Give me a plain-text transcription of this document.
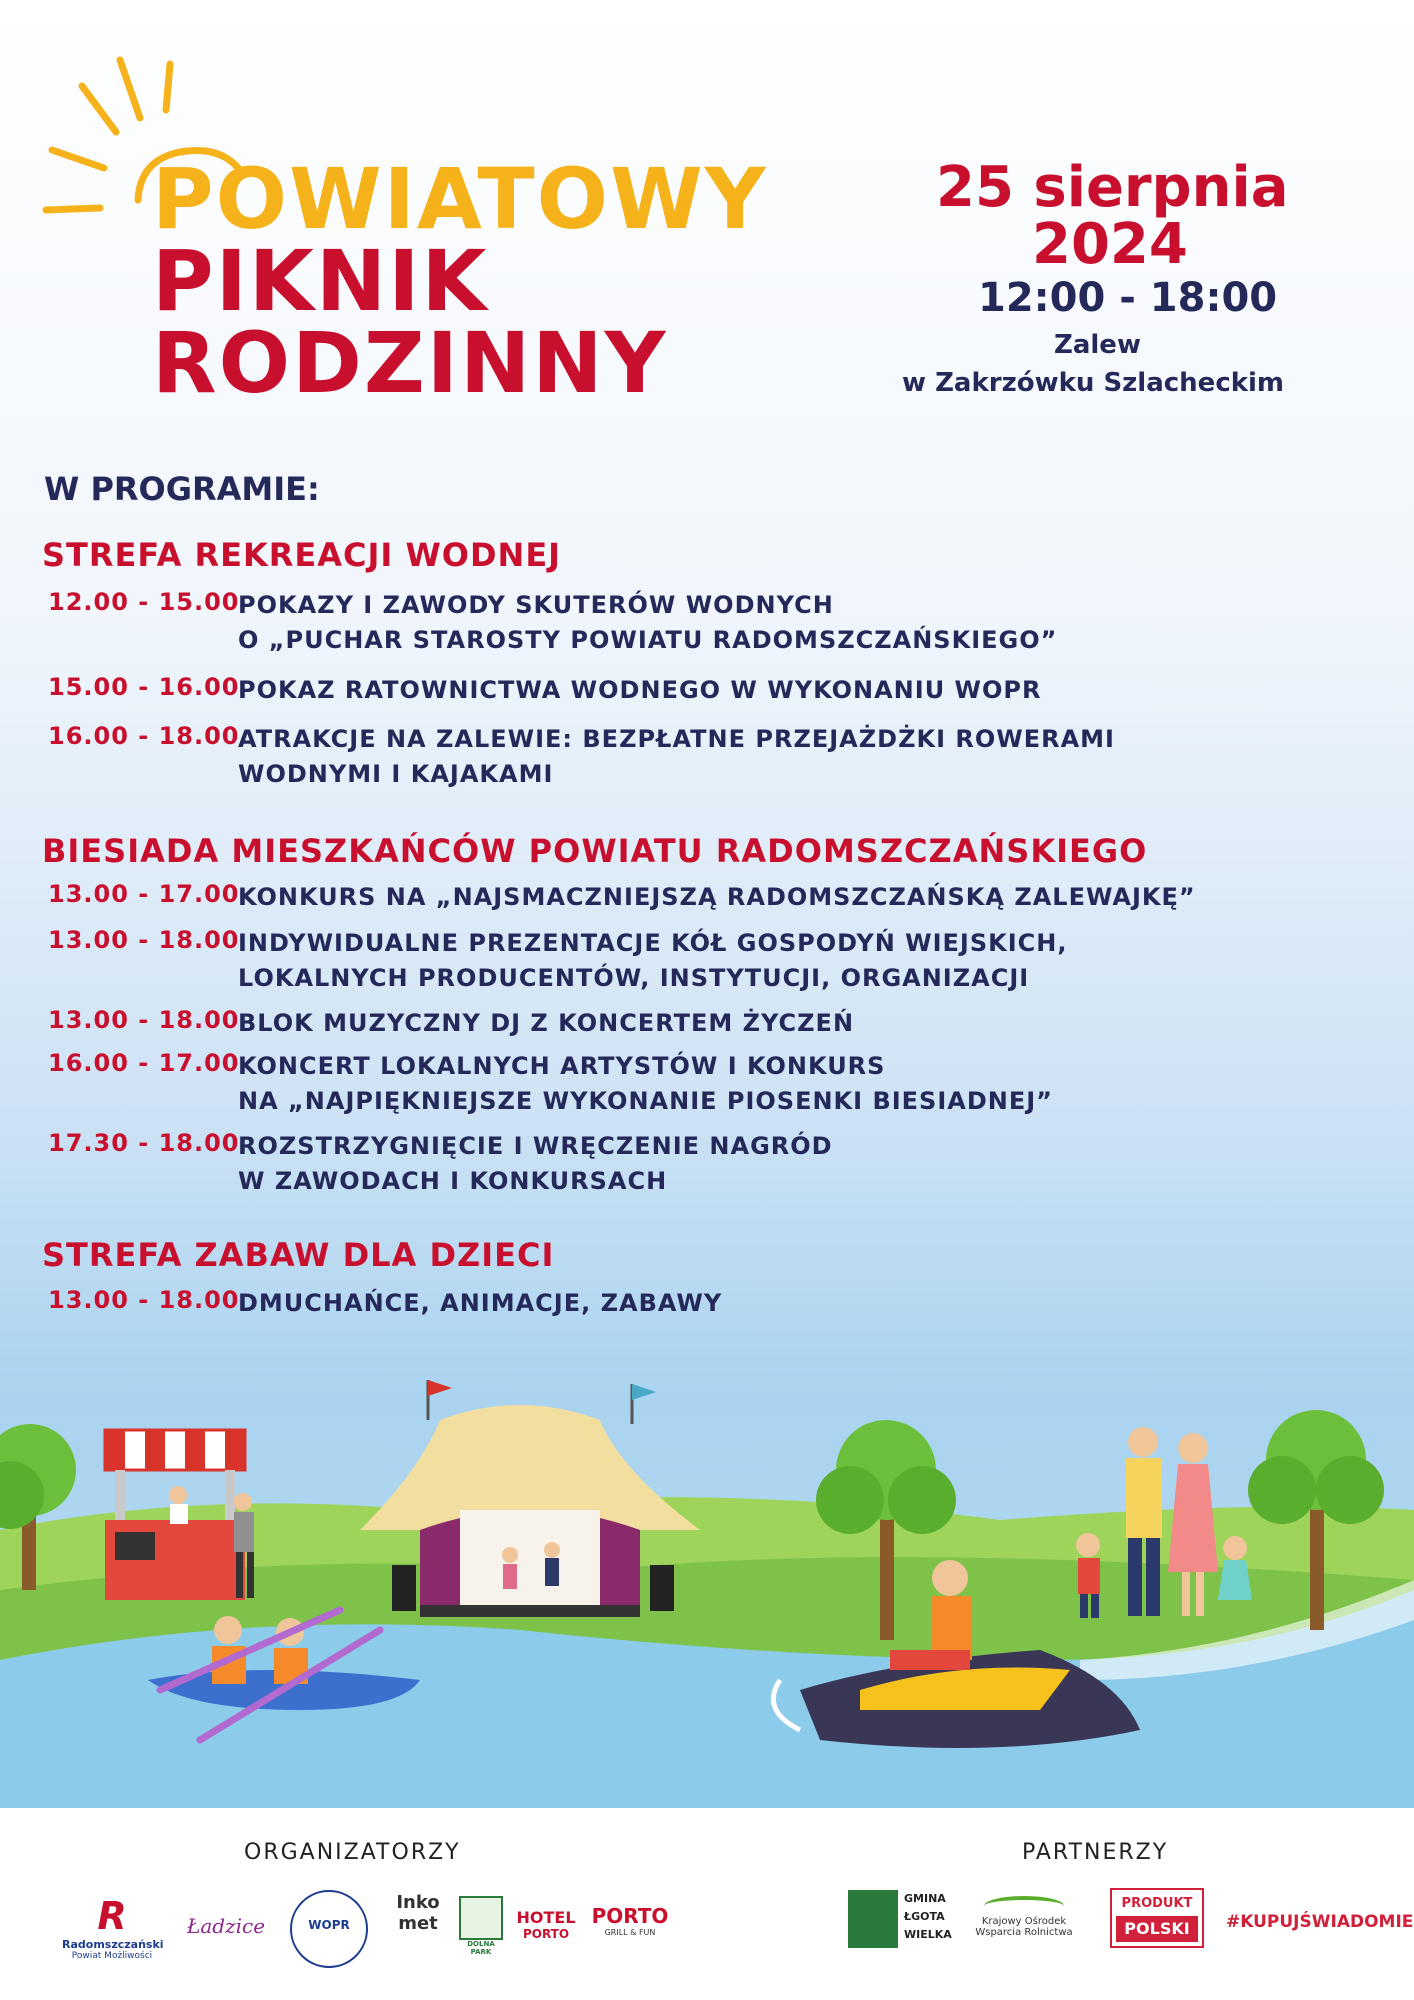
POWIATOWY
PIKNIK
RODZINNY
25 sierpnia
2024
12:00 - 18:00
Zalew
w Zakrzówku Szlacheckim
W PROGRAMIE:
STREFA REKREACJI WODNEJ
12.00 - 15.00
POKAZY I ZAWODY SKUTERÓW WODNYCH
O „PUCHAR STAROSTY POWIATU RADOMSZCZAŃSKIEGO”
15.00 - 16.00
POKAZ RATOWNICTWA WODNEGO W WYKONANIU WOPR
16.00 - 18.00
ATRAKCJE NA ZALEWIE: BEZPŁATNE PRZEJAŻDŻKI ROWERAMI
WODNYMI I KAJAKAMI
BIESIADA MIESZKAŃCÓW POWIATU RADOMSZCZAŃSKIEGO
13.00 - 17.00
KONKURS NA „NAJSMACZNIEJSZĄ RADOMSZCZAŃSKĄ ZALEWAJKĘ”
13.00 - 18.00
INDYWIDUALNE PREZENTACJE KÓŁ GOSPODYŃ WIEJSKICH,
LOKALNYCH PRODUCENTÓW, INSTYTUCJI, ORGANIZACJI
13.00 - 18.00
BLOK MUZYCZNY DJ Z KONCERTEM ŻYCZEŃ
16.00 - 17.00
KONCERT LOKALNYCH ARTYSTÓW I KONKURS
NA „NAJPIĘKNIEJSZE WYKONANIE PIOSENKI BIESIADNEJ”
17.30 - 18.00
ROZSTRZYGNIĘCIE I WRĘCZENIE NAGRÓD
W ZAWODACH I KONKURSACH
STREFA ZABAW DLA DZIECI
13.00 - 18.00
DMUCHAŃCE, ANIMACJE, ZABAWY
ORGANIZATORZY	PARTNERZY
R
Radomszczański
Powiat Możliwości
Ładzice	WOPR
Inko
met
DOLNA PARK
HOTEL
PORTO
PORTO
GRILL & FUN
GMINA
ŁGOTA
WIELKA
Krajowy Ośrodek
Wsparcia Rolnictwa
PRODUKT
POLSKI	#KUPUJŚWIADOMIE
